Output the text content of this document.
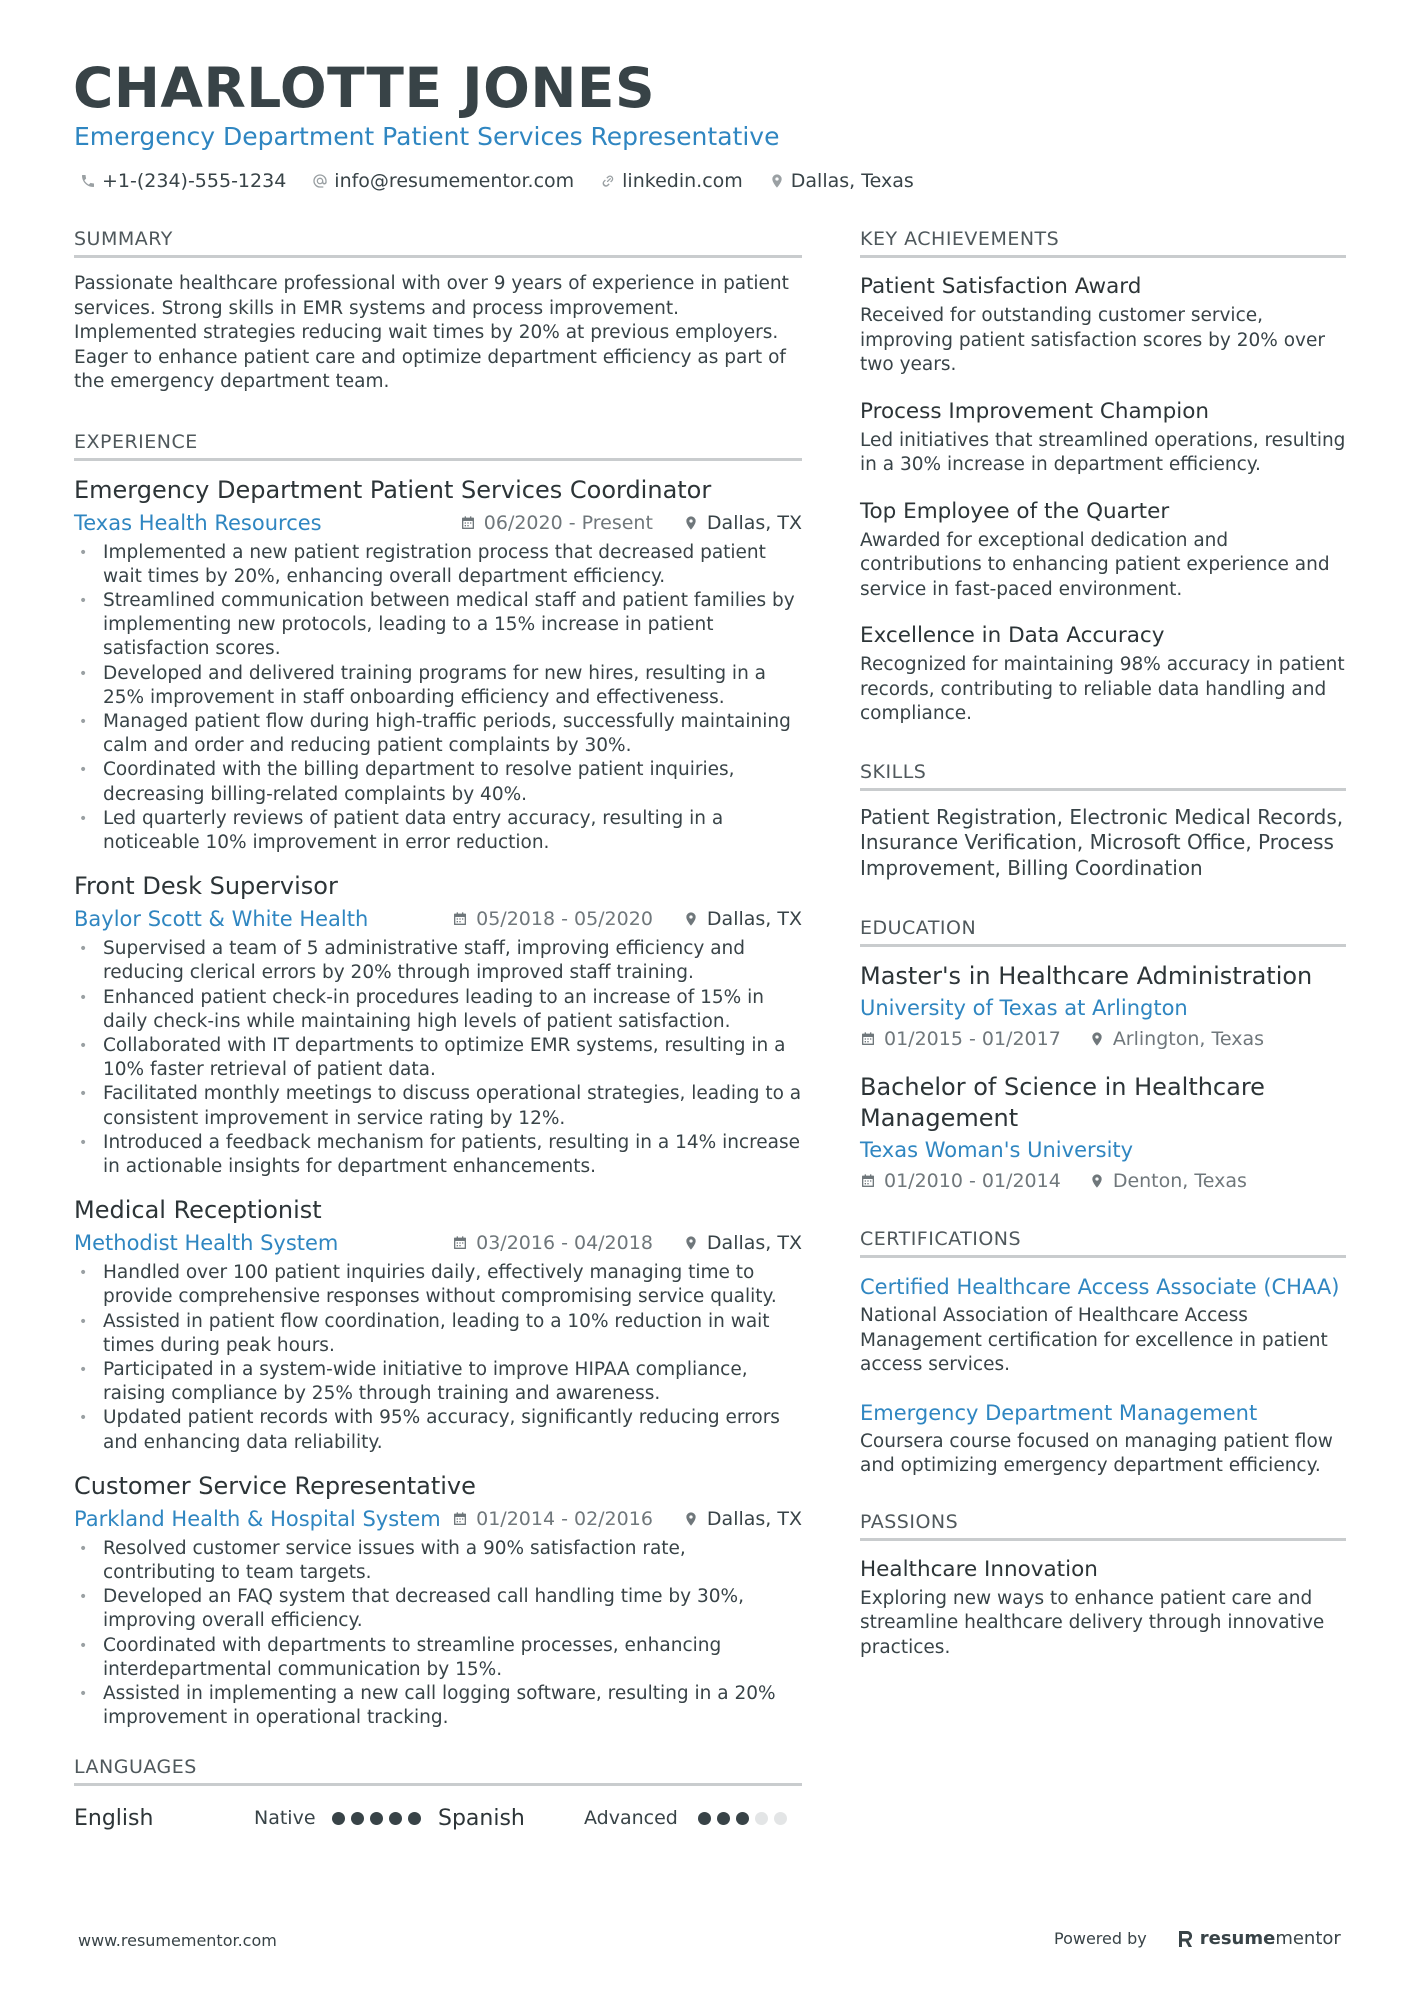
CHARLOTTE JONES
Emergency Department Patient Services Representative
+1-(234)-555-1234	info@resumementor.com	linkedin.com	Dallas, Texas
SUMMARY
Passionate healthcare professional with over 9 years of experience in patient services. Strong skills in EMR systems and process improvement. Implemented strategies reducing wait times by 20% at previous employers. Eager to enhance patient care and optimize department efficiency as part of the emergency department team.
EXPERIENCE
Emergency Department Patient Services Coordinator
Texas Health Resources	06/2020 - Present	Dallas, TX
• Implemented a new patient registration process that decreased patient wait times by 20%, enhancing overall department efficiency.
• Streamlined communication between medical staff and patient families by implementing new protocols, leading to a 15% increase in patient satisfaction scores.
• Developed and delivered training programs for new hires, resulting in a 25% improvement in staff onboarding efficiency and effectiveness.
• Managed patient flow during high-traffic periods, successfully maintaining calm and order and reducing patient complaints by 30%.
• Coordinated with the billing department to resolve patient inquiries, decreasing billing-related complaints by 40%.
• Led quarterly reviews of patient data entry accuracy, resulting in a noticeable 10% improvement in error reduction.
Front Desk Supervisor
Baylor Scott & White Health	05/2018 - 05/2020	Dallas, TX
• Supervised a team of 5 administrative staff, improving efficiency and reducing clerical errors by 20% through improved staff training.
• Enhanced patient check-in procedures leading to an increase of 15% in daily check-ins while maintaining high levels of patient satisfaction.
• Collaborated with IT departments to optimize EMR systems, resulting in a 10% faster retrieval of patient data.
• Facilitated monthly meetings to discuss operational strategies, leading to a consistent improvement in service rating by 12%.
• Introduced a feedback mechanism for patients, resulting in a 14% increase in actionable insights for department enhancements.
Medical Receptionist
Methodist Health System	03/2016 - 04/2018	Dallas, TX
• Handled over 100 patient inquiries daily, effectively managing time to provide comprehensive responses without compromising service quality.
• Assisted in patient flow coordination, leading to a 10% reduction in wait times during peak hours.
• Participated in a system-wide initiative to improve HIPAA compliance, raising compliance by 25% through training and awareness.
• Updated patient records with 95% accuracy, significantly reducing errors and enhancing data reliability.
Customer Service Representative
Parkland Health & Hospital System	01/2014 - 02/2016	Dallas, TX
• Resolved customer service issues with a 90% satisfaction rate, contributing to team targets.
• Developed an FAQ system that decreased call handling time by 30%, improving overall efficiency.
• Coordinated with departments to streamline processes, enhancing interdepartmental communication by 15%.
• Assisted in implementing a new call logging software, resulting in a 20% improvement in operational tracking.
LANGUAGES
English	Native	Spanish	Advanced
KEY ACHIEVEMENTS
Patient Satisfaction Award
Received for outstanding customer service, improving patient satisfaction scores by 20% over two years.
Process Improvement Champion
Led initiatives that streamlined operations, resulting in a 30% increase in department efficiency.
Top Employee of the Quarter
Awarded for exceptional dedication and contributions to enhancing patient experience and service in fast-paced environment.
Excellence in Data Accuracy
Recognized for maintaining 98% accuracy in patient records, contributing to reliable data handling and compliance.
SKILLS
Patient Registration, Electronic Medical Records, Insurance Verification, Microsoft Office, Process Improvement, Billing Coordination
EDUCATION
Master's in Healthcare Administration
University of Texas at Arlington
01/2015 - 01/2017	Arlington, Texas
Bachelor of Science in Healthcare Management
Texas Woman's University
01/2010 - 01/2014	Denton, Texas
CERTIFICATIONS
Certified Healthcare Access Associate (CHAA)
National Association of Healthcare Access Management certification for excellence in patient access services.
Emergency Department Management
Coursera course focused on managing patient flow and optimizing emergency department efficiency.
PASSIONS
Healthcare Innovation
Exploring new ways to enhance patient care and streamline healthcare delivery through innovative practices.
www.resumementor.com	Powered by	resumementor
